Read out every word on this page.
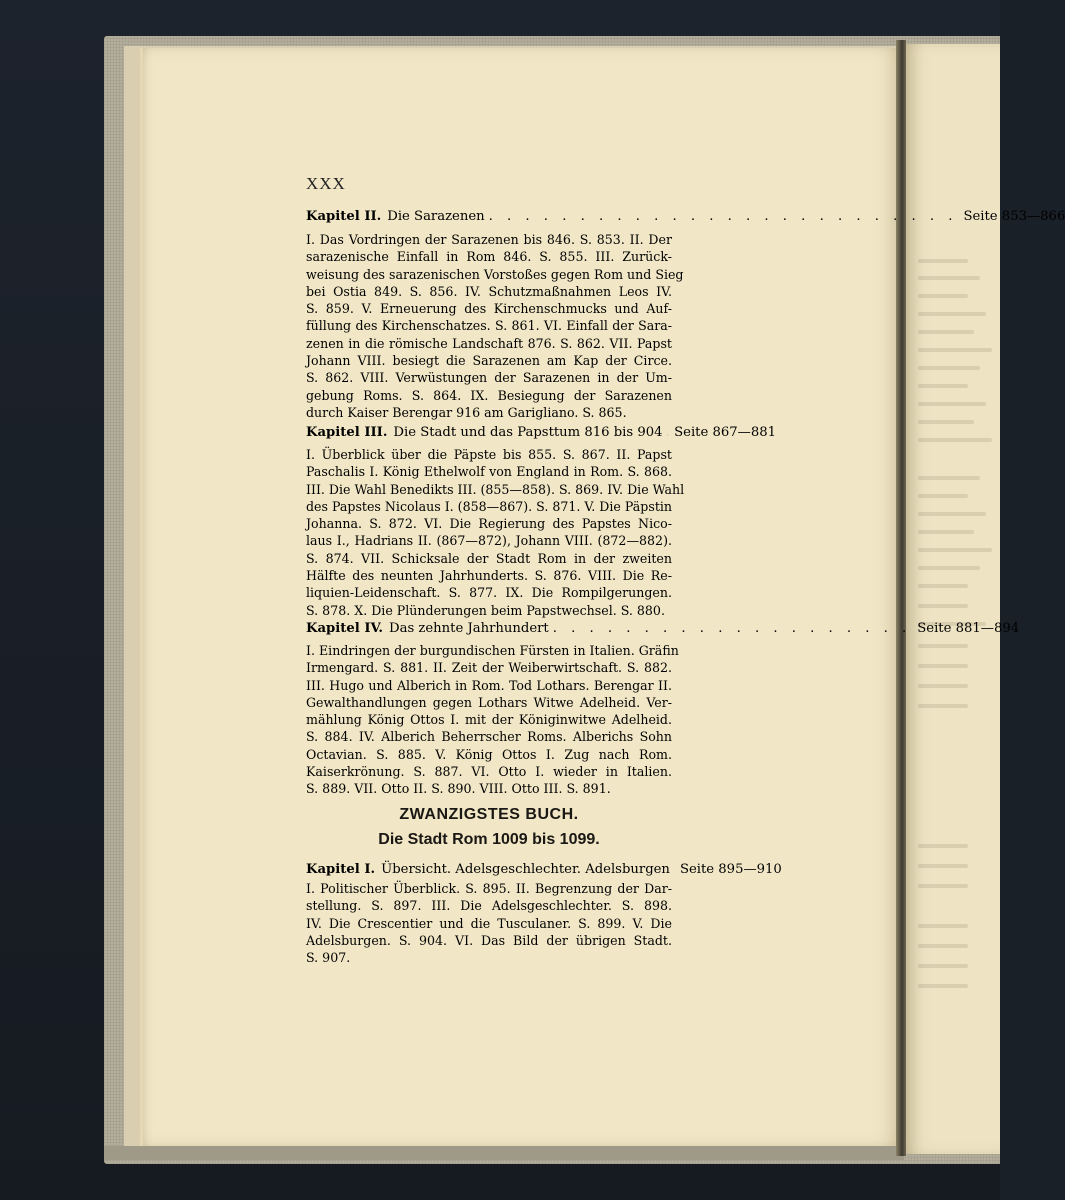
XXX
Kapitel II. Die Sarazenen . . . . . . . . . . . . . . . . . . . . . . . . . . Seite 853—866
I. Das Vordringen der Sarazenen bis 846. S. 853. II. Der
sarazenische Einfall in Rom 846. S. 855. III. Zurück-
weisung des sarazenischen Vorstoßes gegen Rom und Sieg
bei Ostia 849. S. 856. IV. Schutzmaßnahmen Leos IV.
S. 859. V. Erneuerung des Kirchenschmucks und Auf-
füllung des Kirchenschatzes. S. 861. VI. Einfall der Sara-
zenen in die römische Landschaft 876. S. 862. VII. Papst
Johann VIII. besiegt die Sarazenen am Kap der Circe.
S. 862. VIII. Verwüstungen der Sarazenen in der Um-
gebung Roms. S. 864. IX. Besiegung der Sarazenen
durch Kaiser Berengar 916 am Garigliano. S. 865.
Kapitel III. Die Stadt und das Papsttum 816 bis 904 Seite 867—881
I. Überblick über die Päpste bis 855. S. 867. II. Papst
Paschalis I. König Ethelwolf von England in Rom. S. 868.
III. Die Wahl Benedikts III. (855—858). S. 869. IV. Die Wahl
des Papstes Nicolaus I. (858—867). S. 871. V. Die Päpstin
Johanna. S. 872. VI. Die Regierung des Papstes Nico-
laus I., Hadrians II. (867—872), Johann VIII. (872—882).
S. 874. VII. Schicksale der Stadt Rom in der zweiten
Hälfte des neunten Jahrhunderts. S. 876. VIII. Die Re-
liquien-Leidenschaft. S. 877. IX. Die Rompilgerungen.
S. 878. X. Die Plünderungen beim Papstwechsel. S. 880.
Kapitel IV. Das zehnte Jahrhundert . . . . . . . . . . . . . . . . . . . . Seite 881—894
I. Eindringen der burgundischen Fürsten in Italien. Gräfin
Irmengard. S. 881. II. Zeit der Weiberwirtschaft. S. 882.
III. Hugo und Alberich in Rom. Tod Lothars. Berengar II.
Gewalthandlungen gegen Lothars Witwe Adelheid. Ver-
mählung König Ottos I. mit der Königinwitwe Adelheid.
S. 884. IV. Alberich Beherrscher Roms. Alberichs Sohn
Octavian. S. 885. V. König Ottos I. Zug nach Rom.
Kaiserkrönung. S. 887. VI. Otto I. wieder in Italien.
S. 889. VII. Otto II. S. 890. VIII. Otto III. S. 891.
ZWANZIGSTES BUCH.
Die Stadt Rom 1009 bis 1099.
Kapitel I. Übersicht. Adelsgeschlechter. Adelsburgen Seite 895—910
I. Politischer Überblick. S. 895. II. Begrenzung der Dar-
stellung. S. 897. III. Die Adelsgeschlechter. S. 898.
IV. Die Crescentier und die Tusculaner. S. 899. V. Die
Adelsburgen. S. 904. VI. Das Bild der übrigen Stadt.
S. 907.
